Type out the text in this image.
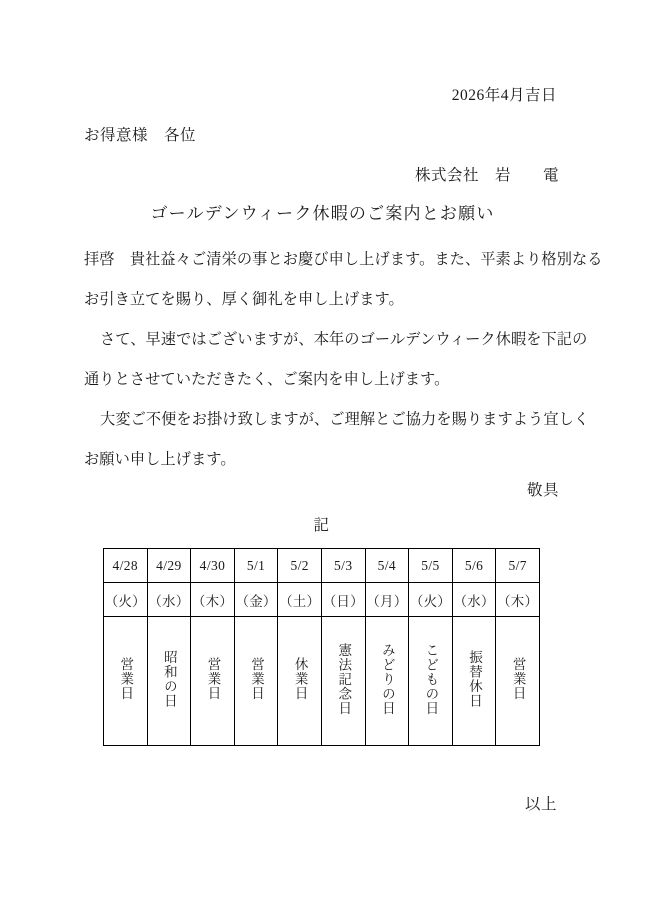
2026年4月吉日
お得意様　各位
株式会社　岩　　電
ゴールデンウィーク休暇のご案内とお願い
拝啓　貴社益々ご清栄の事とお慶び申し上げます。また、平素より格別なる
お引き立てを賜り、厚く御礼を申し上げます。
さて、早速ではございますが、本年のゴールデンウィーク休暇を下記の
通りとさせていただきたく、ご案内を申し上げます。
大変ご不便をお掛け致しますが、ご理解とご協力を賜りますよう宜しく
お願い申し上げます。
敬具
記
4/28	4/29	4/30	5/1	5/2	5/3	5/4	5/5	5/6	5/7
（火）	（水）	（木）	（金）	（土）	（日）	（月）	（火）	（水）	（木）
営業日	昭和の日	営業日	営業日	休業日	憲法記念日	みどりの日	こどもの日	振替休日	営業日
以上
